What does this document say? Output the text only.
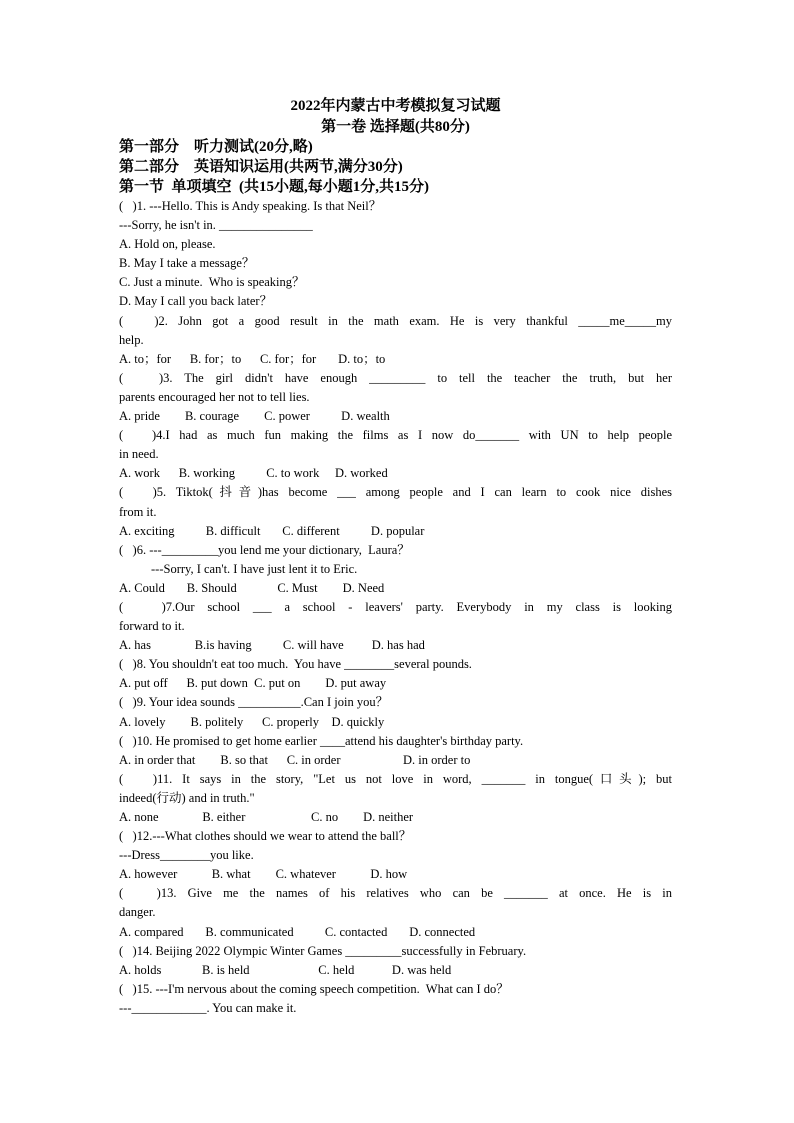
2022年内蒙古中考模拟复习试题
第一卷 选择题(共80分)
第一部分    听力测试(20分,略)
第二部分    英语知识运用(共两节,满分30分)
第一节  单项填空  (共15小题,每小题1分,共15分)
(   )1. ---Hello. This is Andy speaking. Is that Neil？
---Sorry, he isn't in. _______________
A. Hold on, please.
B. May I take a message？
C. Just a minute.  Who is speaking？
D. May I call you back later？
(   )2. John got a good result in the math exam. He is very thankful _____me_____my
help.
A. to；for      B. for；to      C. for；for       D. to；to
(   )3. The girl didn't have enough _________ to tell the teacher the truth, but her
parents encouraged her not to tell lies.
A. pride        B. courage        C. power          D. wealth
(   )4.I had as much fun making the films as I now do_______ with UN to help people
in need.
A. work      B. working          C. to work     D. worked
(   )5. Tiktok(抖音)has become ___ among people and I can learn to cook nice dishes
from it.
A. exciting          B. difficult       C. different          D. popular
(   )6. ---_________you lend me your dictionary,  Laura？
---Sorry, I can't. I have just lent it to Eric.
A. Could       B. Should             C. Must        D. Need
(   )7.Our school ___ a school - leavers' party. Everybody in my class is looking
forward to it.
A. has              B.is having          C. will have         D. has had
(   )8. You shouldn't eat too much.  You have ________several pounds.
A. put off      B. put down  C. put on        D. put away
(   )9. Your idea sounds __________.Can I join you？
A. lovely        B. politely      C. properly    D. quickly
(   )10. He promised to get home earlier ____attend his daughter's birthday party.
A. in order that        B. so that      C. in order                    D. in order to
(   )11. It says in the story, "Let us not love in word, _______ in tongue(口头); but
indeed(行动) and in truth."
A. none              B. either                     C. no        D. neither
(   )12.---What clothes should we wear to attend the ball？
---Dress________you like.
A. however           B. what        C. whatever           D. how
(   )13. Give me the names of his relatives who can be _______ at once. He is in
danger.
A. compared       B. communicated          C. contacted       D. connected
(   )14. Beijing 2022 Olympic Winter Games _________successfully in February.
A. holds             B. is held                      C. held            D. was held
(   )15. ---I'm nervous about the coming speech competition.  What can I do？
---____________. You can make it.
